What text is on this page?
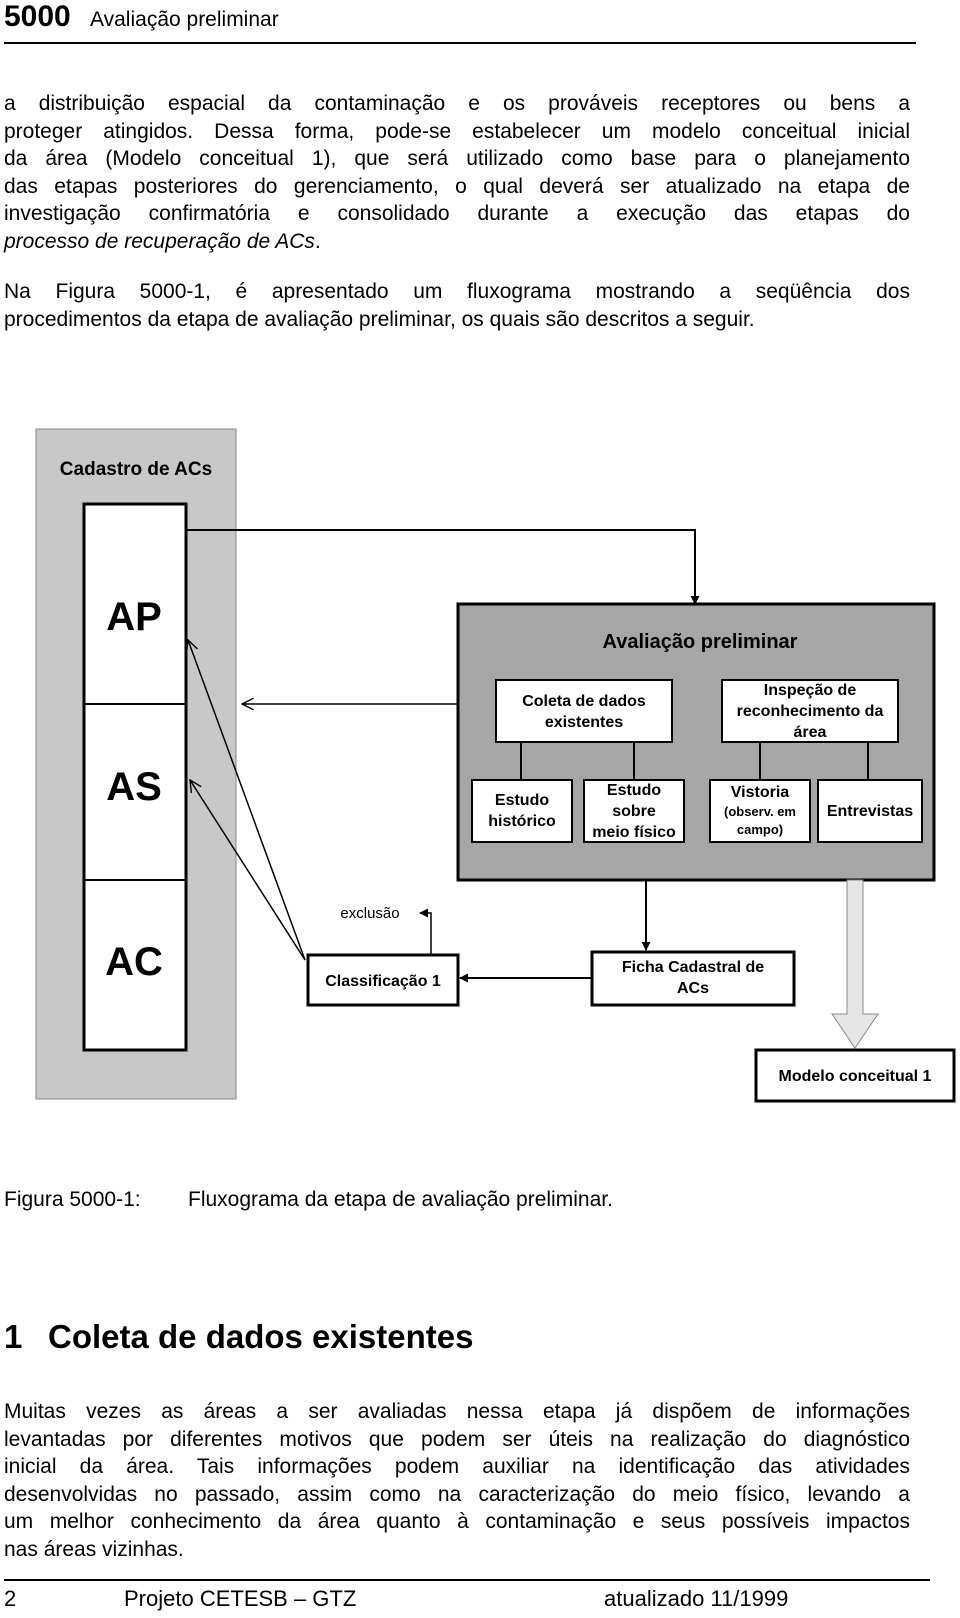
5000 Avaliação preliminar
a distribuição espacial da contaminação e os prováveis receptores ou bens a
proteger atingidos. Dessa forma, pode-se estabelecer um modelo conceitual inicial
da área (Modelo conceitual 1), que será utilizado como base para o planejamento
das etapas posteriores do gerenciamento, o qual deverá ser atualizado na etapa de
investigação confirmatória e consolidado durante a execução das etapas do
processo de recuperação de ACs.
Na Figura 5000-1, é apresentado um fluxograma mostrando a seqüência dos
procedimentos da etapa de avaliação preliminar, os quais são descritos a seguir.
Cadastro de ACs
AP
AS
AC
Avaliação preliminar
Coleta de dados
existentes
Inspeção de
reconhecimento da
área
Estudo
histórico
Estudo
sobre
meio físico
Vistoria
(observ. em
campo)
Entrevistas
Classificação 1
exclusão
Ficha Cadastral de
ACs
Modelo conceitual 1
Figura 5000-1: Fluxograma da etapa de avaliação preliminar.
1 Coleta de dados existentes
Muitas vezes as áreas a ser avaliadas nessa etapa já dispõem de informações
levantadas por diferentes motivos que podem ser úteis na realização do diagnóstico
inicial da área. Tais informações podem auxiliar na identificação das atividades
desenvolvidas no passado, assim como na caracterização do meio físico, levando a
um melhor conhecimento da área quanto à contaminação e seus possíveis impactos
nas áreas vizinhas.
2	Projeto CETESB – GTZ	atualizado 11/1999
